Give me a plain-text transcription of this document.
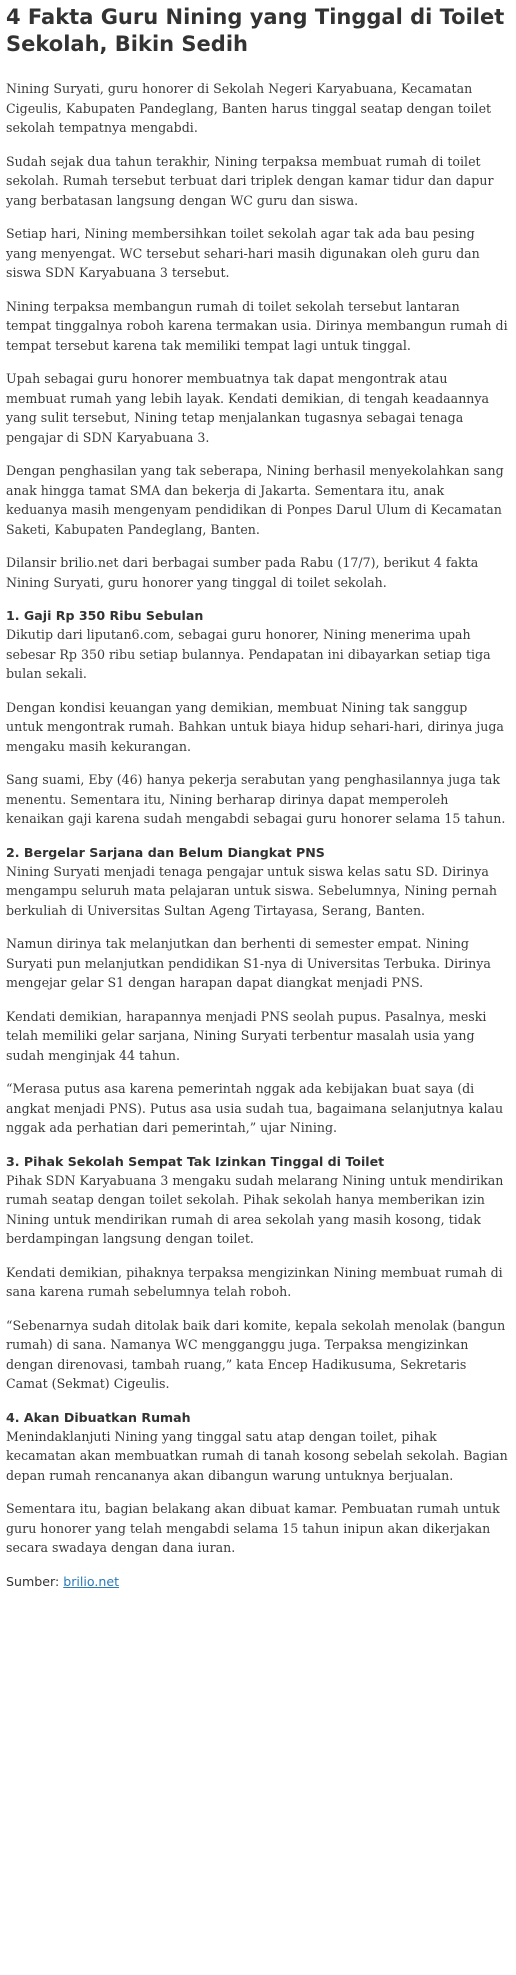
4 Fakta Guru Nining yang Tinggal di Toilet Sekolah, Bikin Sedih

Nining Suryati, guru honorer di Sekolah Negeri Karyabuana, Kecamatan Cigeulis, Kabupaten Pandeglang, Banten harus tinggal seatap dengan toilet sekolah tempatnya mengabdi.

Sudah sejak dua tahun terakhir, Nining terpaksa membuat rumah di toilet sekolah. Rumah tersebut terbuat dari triplek dengan kamar tidur dan dapur yang berbatasan langsung dengan WC guru dan siswa.

Setiap hari, Nining membersihkan toilet sekolah agar tak ada bau pesing yang menyengat. WC tersebut sehari-hari masih digunakan oleh guru dan siswa SDN Karyabuana 3 tersebut.

Nining terpaksa membangun rumah di toilet sekolah tersebut lantaran tempat tinggalnya roboh karena termakan usia. Dirinya membangun rumah di tempat tersebut karena tak memiliki tempat lagi untuk tinggal.

Upah sebagai guru honorer membuatnya tak dapat mengontrak atau membuat rumah yang lebih layak. Kendati demikian, di tengah keadaannya yang sulit tersebut, Nining tetap menjalankan tugasnya sebagai tenaga pengajar di SDN Karyabuana 3.

Dengan penghasilan yang tak seberapa, Nining berhasil menyekolahkan sang anak hingga tamat SMA dan bekerja di Jakarta. Sementara itu, anak keduanya masih mengenyam pendidikan di Ponpes Darul Ulum di Kecamatan Saketi, Kabupaten Pandeglang, Banten.

Dilansir brilio.net dari berbagai sumber pada Rabu (17/7), berikut 4 fakta Nining Suryati, guru honorer yang tinggal di toilet sekolah.

1. Gaji Rp 350 Ribu Sebulan

Dikutip dari liputan6.com, sebagai guru honorer, Nining menerima upah sebesar Rp 350 ribu setiap bulannya. Pendapatan ini dibayarkan setiap tiga bulan sekali.

Dengan kondisi keuangan yang demikian, membuat Nining tak sanggup untuk mengontrak rumah. Bahkan untuk biaya hidup sehari-hari, dirinya juga mengaku masih kekurangan.

Sang suami, Eby (46) hanya pekerja serabutan yang penghasilannya juga tak menentu. Sementara itu, Nining berharap dirinya dapat memperoleh kenaikan gaji karena sudah mengabdi sebagai guru honorer selama 15 tahun.

2. Bergelar Sarjana dan Belum Diangkat PNS

Nining Suryati menjadi tenaga pengajar untuk siswa kelas satu SD. Dirinya mengampu seluruh mata pelajaran untuk siswa. Sebelumnya, Nining pernah berkuliah di Universitas Sultan Ageng Tirtayasa, Serang, Banten.

Namun dirinya tak melanjutkan dan berhenti di semester empat. Nining Suryati pun melanjutkan pendidikan S1-nya di Universitas Terbuka. Dirinya mengejar gelar S1 dengan harapan dapat diangkat menjadi PNS.

Kendati demikian, harapannya menjadi PNS seolah pupus. Pasalnya, meski telah memiliki gelar sarjana, Nining Suryati terbentur masalah usia yang sudah menginjak 44 tahun.

“Merasa putus asa karena pemerintah nggak ada kebijakan buat saya (di angkat menjadi PNS). Putus asa usia sudah tua, bagaimana selanjutnya kalau nggak ada perhatian dari pemerintah,” ujar Nining.

3. Pihak Sekolah Sempat Tak Izinkan Tinggal di Toilet

Pihak SDN Karyabuana 3 mengaku sudah melarang Nining untuk mendirikan rumah seatap dengan toilet sekolah. Pihak sekolah hanya memberikan izin Nining untuk mendirikan rumah di area sekolah yang masih kosong, tidak berdampingan langsung dengan toilet.

Kendati demikian, pihaknya terpaksa mengizinkan Nining membuat rumah di sana karena rumah sebelumnya telah roboh.

“Sebenarnya sudah ditolak baik dari komite, kepala sekolah menolak (bangun rumah) di sana. Namanya WC mengganggu juga. Terpaksa mengizinkan dengan direnovasi, tambah ruang,” kata Encep Hadikusuma, Sekretaris Camat (Sekmat) Cigeulis.

4. Akan Dibuatkan Rumah

Menindaklanjuti Nining yang tinggal satu atap dengan toilet, pihak kecamatan akan membuatkan rumah di tanah kosong sebelah sekolah. Bagian depan rumah rencananya akan dibangun warung untuknya berjualan.

Sementara itu, bagian belakang akan dibuat kamar. Pembuatan rumah untuk guru honorer yang telah mengabdi selama 15 tahun inipun akan dikerjakan secara swadaya dengan dana iuran.

Sumber: brilio.net
